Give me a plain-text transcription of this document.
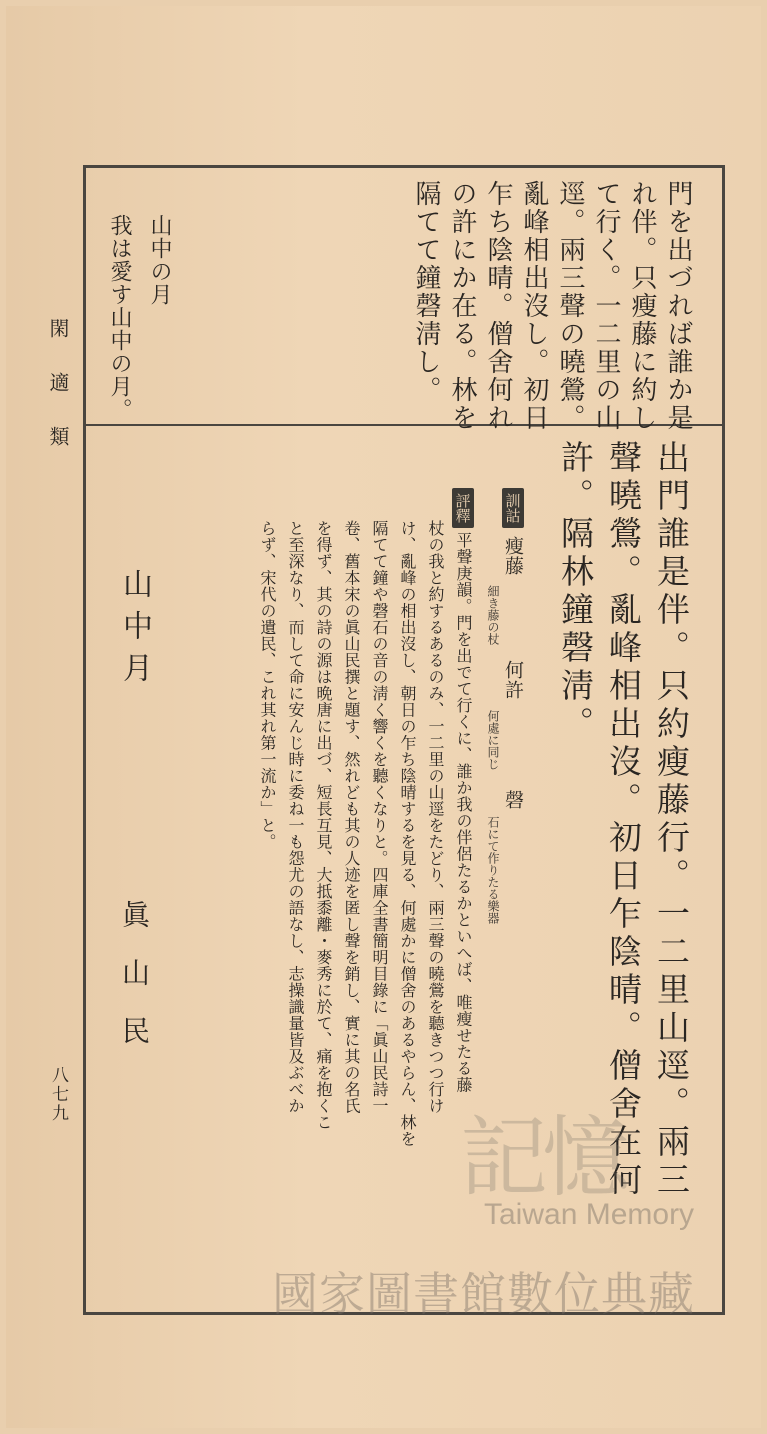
閑適類
八七九
門を出づれば誰か是
れ伴。只瘦藤に約し
て行く。一二里の山
逕。兩三聲の曉鶯。
亂峰相出沒し。初日
乍ち陰晴。僧舍何れ
の許にか在る。林を
隔てて鐘磬淸し。
山中の月
我は愛す山中の月。
出門誰是伴。只約瘦藤行。一二里山逕。兩三
聲曉鶯。亂峰相出沒。初日乍陰晴。僧舍在何
許。隔林鐘磬淸。
訓詁
瘦藤
細き藤の杖
何許
何處に同じ
磬
石にて作りたる樂器
評釋
平聲庚韻。門を出でて行くに、誰か我の伴侶たるかといへば、唯瘦せたる藤
杖の我と約するあるのみ、一二里の山逕をたどり、兩三聲の曉鶯を聽きつつ行け
け、亂峰の相出沒し、朝日の乍ち陰晴するを見る、何處かに僧舍のあるやらん、林を
隔てて鐘や磬石の音の淸く響くを聽くなりと。四庫全書簡明目錄に「眞山民詩一
卷、舊本宋の眞山民撰と題す、然れども其の人迹を匿し聲を銷し、實に其の名氏
を得ず、其の詩の源は晩唐に出づ、短長互見、大抵黍離・麥秀に於て、痛を抱くこ
と至深なり、而して命に安んじ時に委ね一も怨尤の語なし、志操識量皆及ぶべか
らず、宋代の遺民、これ其れ第一流か」と。
山中月
眞山民
記憶
Taiwan Memory
國家圖書館數位典藏
